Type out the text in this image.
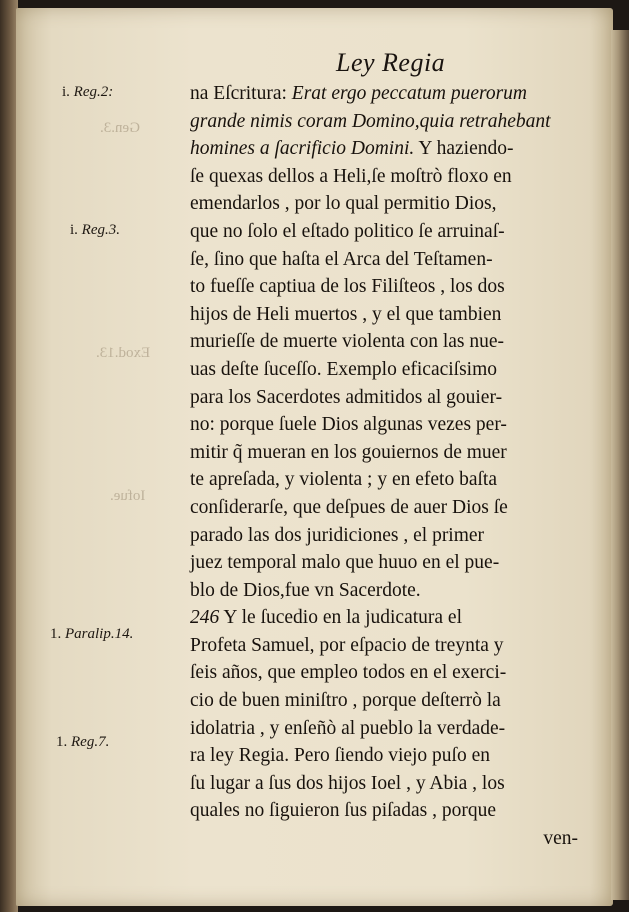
Gen.3.
Exod.13.
Iofue.
Ley Regia
i. Reg.2:
i. Reg.3.
1. Paralip.14.
1. Reg.7.
na Eſcritura: Erat ergo peccatum puerorum
grande nimis coram Domino,quia retrahebant
homines a ſacrificio Domini. Y haziendo-
ſe quexas dellos a Heli,ſe moſtrò floxo en
emendarlos , por lo qual permitio Dios,
que no ſolo el eſtado politico ſe arruinaſ-
ſe, ſino que haſta el Arca del Teſtamen-
to fueſſe captiua de los Filiſteos , los dos
hijos de Heli muertos , y el que tambien
murieſſe de muerte violenta con las nue-
uas deſte ſuceſſo. Exemplo eficaciſsimo
para los Sacerdotes admitidos al gouier-
no: porque ſuele Dios algunas vezes per-
mitir q̃ mueran en los gouiernos de muer
te apreſada, y violenta ; y en efeto baſta
conſiderarſe, que deſpues de auer Dios ſe
parado las dos juridiciones , el primer
juez temporal malo que huuo en el pue-
blo de Dios,fue vn Sacerdote.
246 Y le ſucedio en la judicatura el
Profeta Samuel, por eſpacio de treynta y
ſeis años, que empleo todos en el exerci-
cio de buen miniſtro , porque deſterrò la
idolatria , y enſeñò al pueblo la verdade-
ra ley Regia. Pero ſiendo viejo puſo en
ſu lugar a ſus dos hijos Ioel , y Abia , los
quales no ſiguieron ſus piſadas , porque
ven-
